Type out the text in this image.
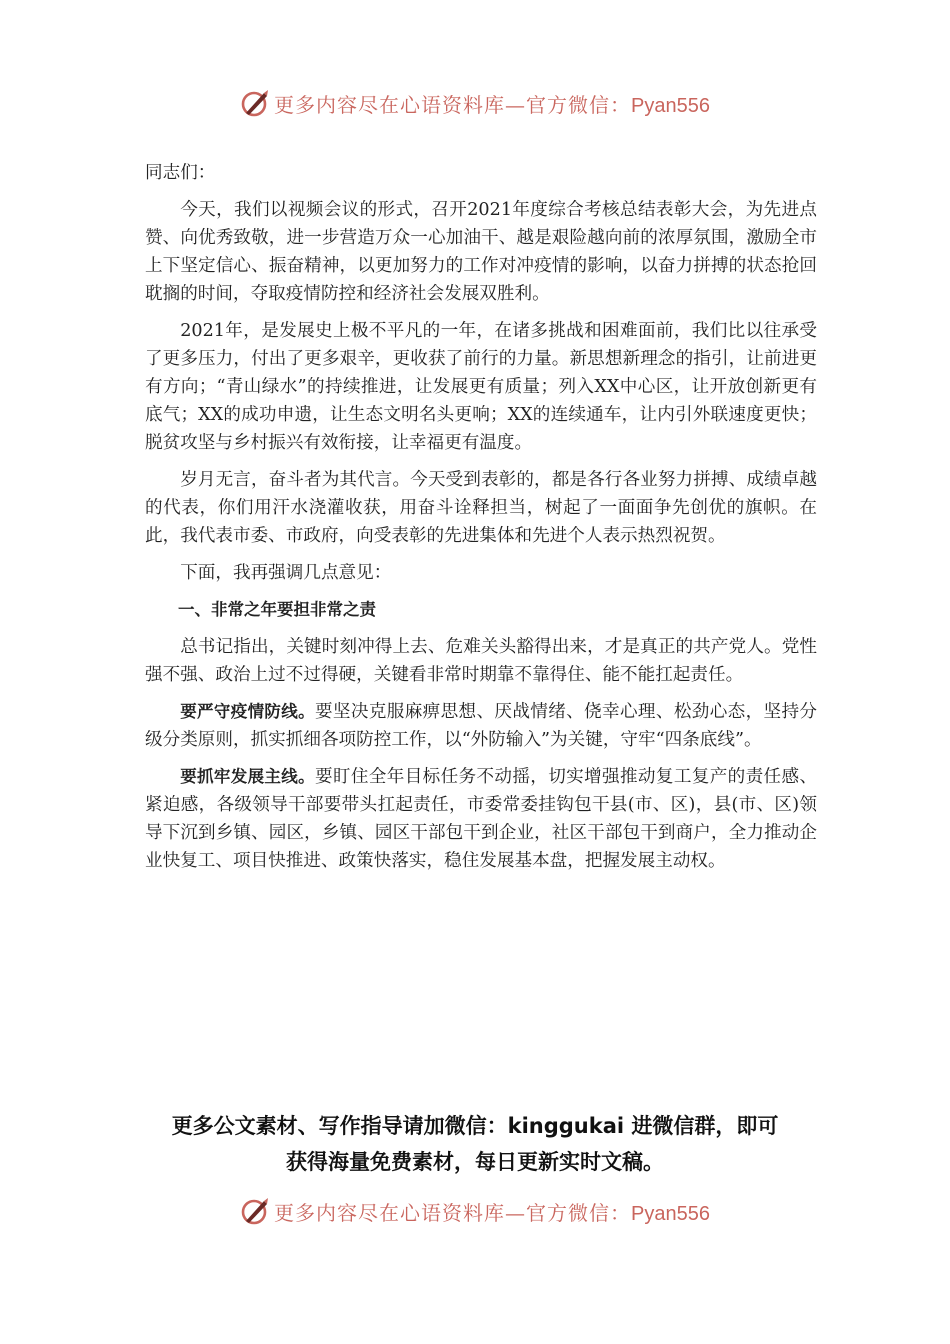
更多内容尽在心语资料库—官方微信：Pyan556

同志们：

今天，我们以视频会议的形式，召开2021年度综合考核总结表彰大会，为先进点赞、向优秀致敬，进一步营造万众一心加油干、越是艰险越向前的浓厚氛围，激励全市上下坚定信心、振奋精神，以更加努力的工作对冲疫情的影响，以奋力拼搏的状态抢回耽搁的时间，夺取疫情防控和经济社会发展双胜利。

2021年，是发展史上极不平凡的一年，在诸多挑战和困难面前，我们比以往承受了更多压力，付出了更多艰辛，更收获了前行的力量。新思想新理念的指引，让前进更有方向；“青山绿水”的持续推进，让发展更有质量；列入XX中心区，让开放创新更有底气；XX的成功申遗，让生态文明名头更响；XX的连续通车，让内引外联速度更快；脱贫攻坚与乡村振兴有效衔接，让幸福更有温度。

岁月无言，奋斗者为其代言。今天受到表彰的，都是各行各业努力拼搏、成绩卓越的代表，你们用汗水浇灌收获，用奋斗诠释担当，树起了一面面争先创优的旗帜。在此，我代表市委、市政府，向受表彰的先进集体和先进个人表示热烈祝贺。

下面，我再强调几点意见：

一、非常之年要担非常之责

总书记指出，关键时刻冲得上去、危难关头豁得出来，才是真正的共产党人。党性强不强、政治上过不过得硬，关键看非常时期靠不靠得住、能不能扛起责任。

要严守疫情防线。要坚决克服麻痹思想、厌战情绪、侥幸心理、松劲心态，坚持分级分类原则，抓实抓细各项防控工作，以“外防输入”为关键，守牢“四条底线”。

要抓牢发展主线。要盯住全年目标任务不动摇，切实增强推动复工复产的责任感、紧迫感，各级领导干部要带头扛起责任，市委常委挂钩包干县(市、区)，县(市、区)领导下沉到乡镇、园区，乡镇、园区干部包干到企业，社区干部包干到商户，全力推动企业快复工、项目快推进、政策快落实，稳住发展基本盘，把握发展主动权。

更多公文素材、写作指导请加微信：kinggukai 进微信群，即可
获得海量免费素材，每日更新实时文稿。
更多内容尽在心语资料库—官方微信：Pyan556
